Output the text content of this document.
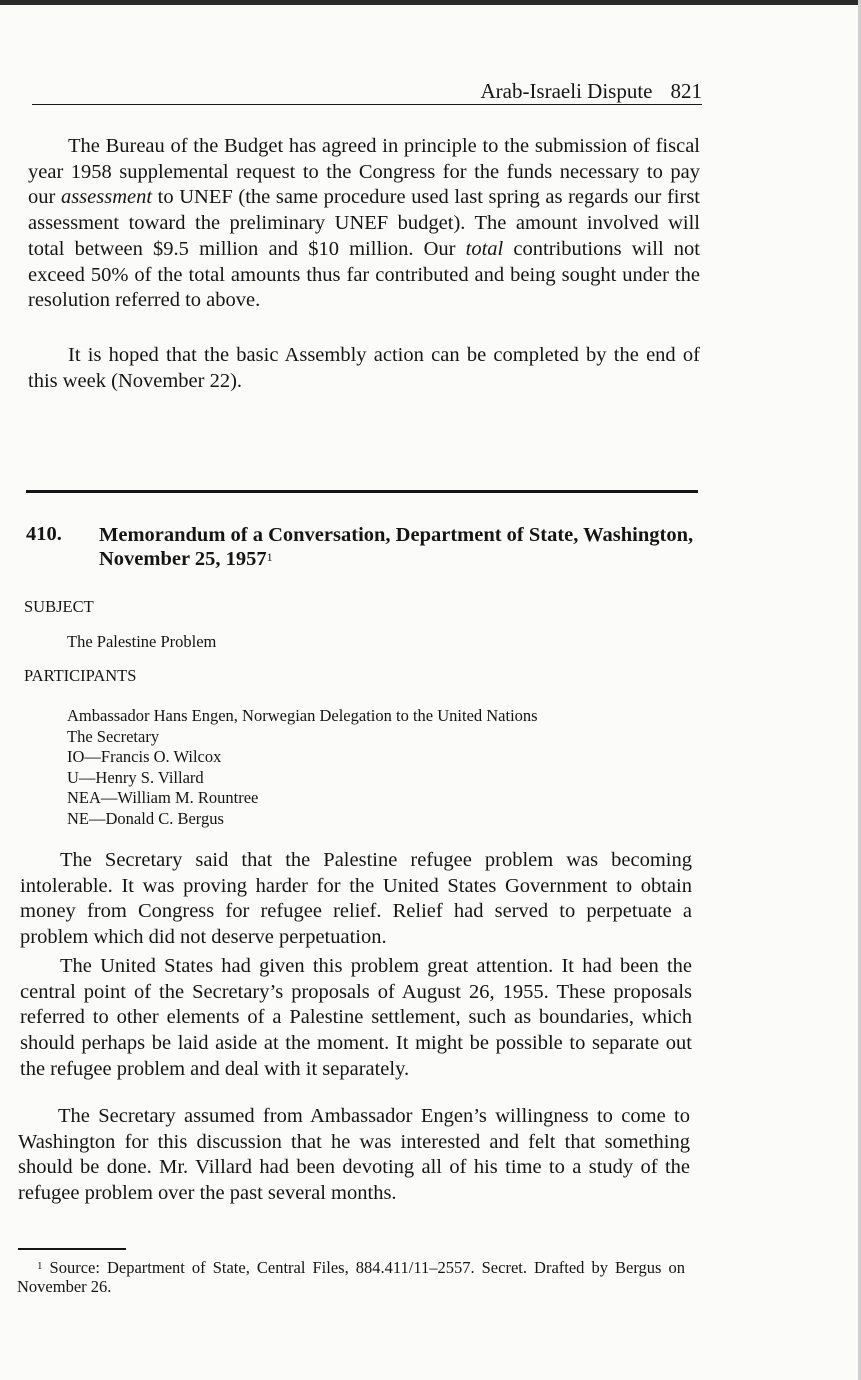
Arab-Israeli Dispute 821

The Bureau of the Budget has agreed in principle to the submission of fiscal year 1958 supplemental request to the Congress for the funds necessary to pay our assessment to UNEF (the same procedure used last spring as regards our first assessment toward the preliminary UNEF budget). The amount involved will total between $9.5 million and $10 million. Our total contributions will not exceed 50% of the total amounts thus far contributed and being sought under the resolution referred to above.

It is hoped that the basic Assembly action can be completed by the end of this week (November 22).

410. Memorandum of a Conversation, Department of State, Washington, November 25, 1957$^1$
SUBJECT
The Palestine Problem
PARTICIPANTS
Ambassador Hans Engen, Norwegian Delegation to the United Nations
The Secretary
IO—Francis O. Wilcox
U—Henry S. Villard
NEA—William M. Rountree
NE—Donald C. Bergus

The Secretary said that the Palestine refugee problem was becoming intolerable. It was proving harder for the United States Government to obtain money from Congress for refugee relief. Relief had served to perpetuate a problem which did not deserve perpetuation.

The United States had given this problem great attention. It had been the central point of the Secretary’s proposals of August 26, 1955. These proposals referred to other elements of a Palestine settlement, such as boundaries, which should perhaps be laid aside at the moment. It might be possible to separate out the refugee problem and deal with it separately.

The Secretary assumed from Ambassador Engen’s willingness to come to Washington for this discussion that he was interested and felt that something should be done. Mr. Villard had been devoting all of his time to a study of the refugee problem over the past several months.

$^1$ Source: Department of State, Central Files, 884.411/11–2557. Secret. Drafted by Bergus on November 26.
